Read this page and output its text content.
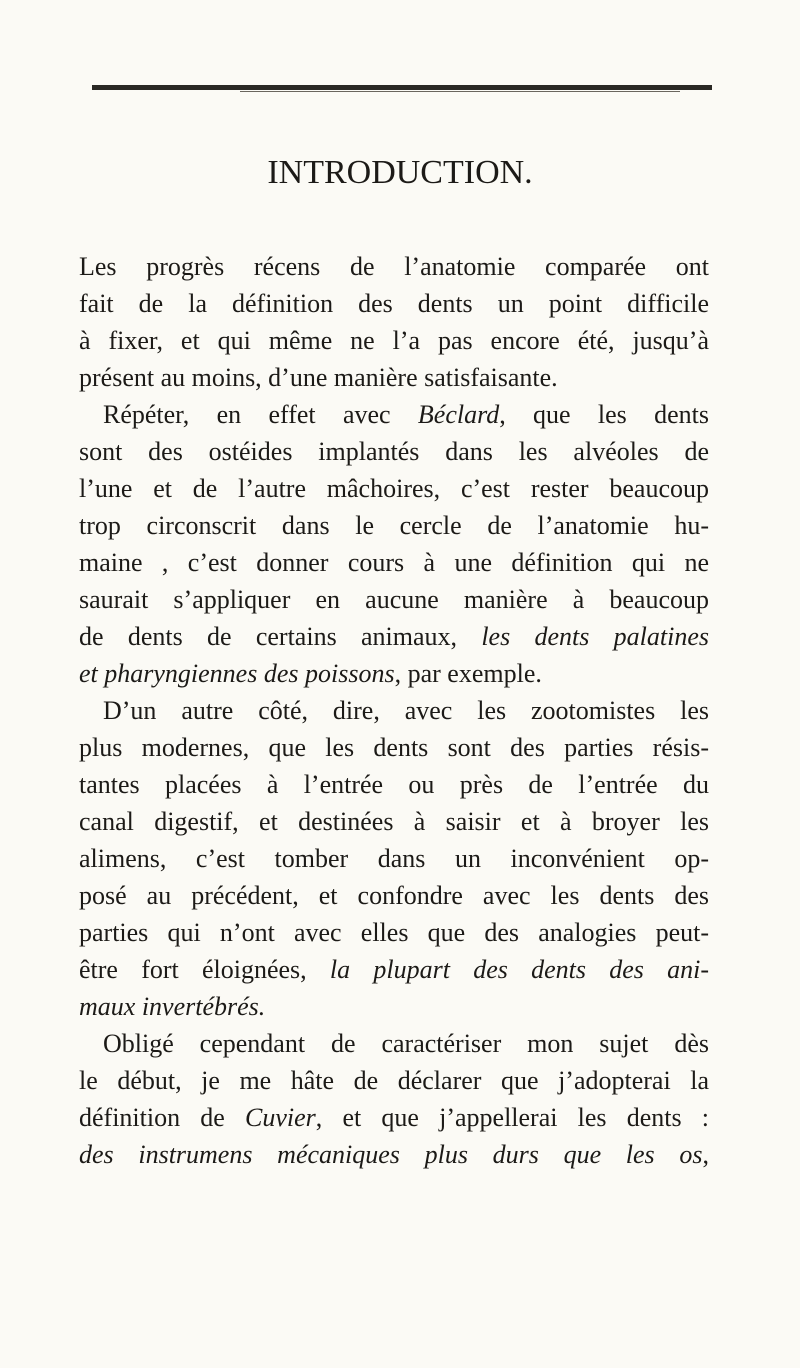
INTRODUCTION.
Les progrès récens de l’anatomie comparée ont
fait de la définition des dents un point difficile
à fixer, et qui même ne l’a pas encore été, jusqu’à
présent au moins, d’une manière satisfaisante.
Répéter, en effet avec Béclard, que les dents
sont des ostéides implantés dans les alvéoles de
l’une et de l’autre mâchoires, c’est rester beaucoup
trop circonscrit dans le cercle de l’anatomie hu-
maine , c’est donner cours à une définition qui ne
saurait s’appliquer en aucune manière à beaucoup
de dents de certains animaux, les dents palatines
et pharyngiennes des poissons, par exemple.
D’un autre côté, dire, avec les zootomistes les
plus modernes, que les dents sont des parties résis-
tantes placées à l’entrée ou près de l’entrée du
canal digestif, et destinées à saisir et à broyer les
alimens, c’est tomber dans un inconvénient op-
posé au précédent, et confondre avec les dents des
parties qui n’ont avec elles que des analogies peut-
être fort éloignées, la plupart des dents des ani-
maux invertébrés.
Obligé cependant de caractériser mon sujet dès
le début, je me hâte de déclarer que j’adopterai la
définition de Cuvier, et que j’appellerai les dents :
des instrumens mécaniques plus durs que les os,
